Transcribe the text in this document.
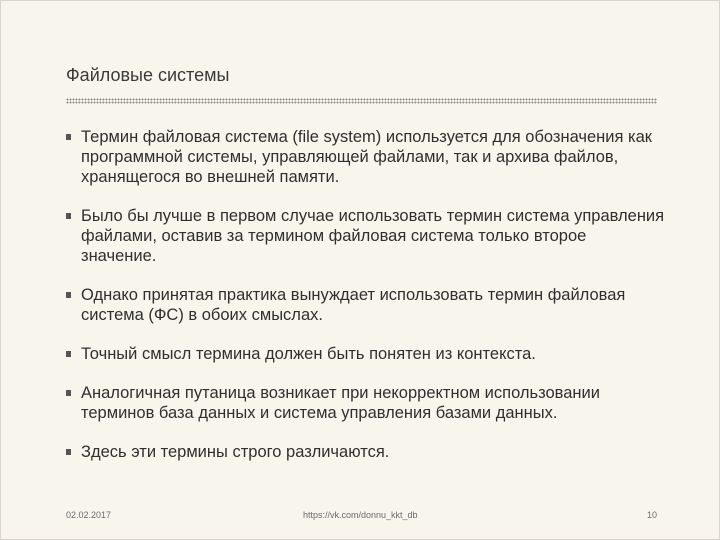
Файловые системы
Термин файловая система (file system) используется для обозначения как программной системы, управляющей файлами, так и архива файлов, хранящегося во внешней памяти.
Было бы лучше в первом случае использовать термин система управления файлами, оставив за термином файловая система только второе значение.
Однако принятая практика вынуждает использовать термин файловая система (ФС) в обоих смыслах.
Точный смысл термина должен быть понятен из контекста.
Аналогичная путаница возникает при некорректном использовании терминов база данных и система управления базами данных.
Здесь эти термины строго различаются.
02.02.2017	https://vk.com/donnu_kkt_db	10
